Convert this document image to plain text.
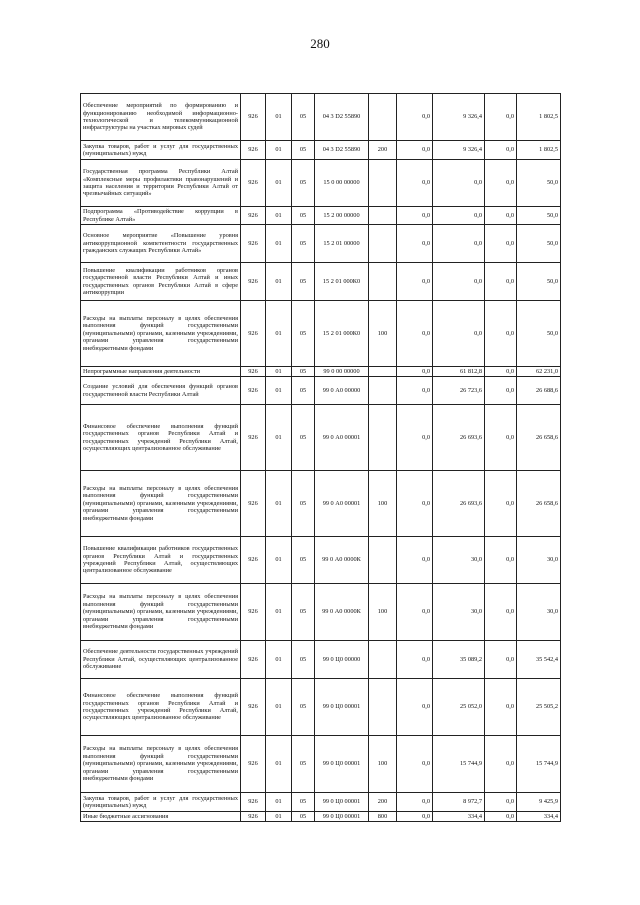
280
Обеспечение мероприятий по формированию и функционированию необходимой информационно-технологической и телекоммуникационной инфраструктуры на участках мировых судей	926	01	05	04 3 D2 55890		0,0	9 326,4	0,0	1 802,5
Закупка товаров, работ и услуг для государственных (муниципальных) нужд	926	01	05	04 3 D2 55890	200	0,0	9 326,4	0,0	1 802,5
Государственная программа Республики Алтай «Комплексные меры профилактики правонарушений и защита населения и территории Республики Алтай от чрезвычайных ситуаций»	926	01	05	15 0 00 00000		0,0	0,0	0,0	50,0
Подпрограмма «Противодействие коррупции в Республике Алтай»	926	01	05	15 2 00 00000		0,0	0,0	0,0	50,0
Основное мероприятие «Повышение уровня антикоррупционной компетентности государственных гражданских служащих Республики Алтай»	926	01	05	15 2 01 00000		0,0	0,0	0,0	50,0
Повышение квалификации работников органов государственной власти Республики Алтай и иных государственных органов Республики Алтай в сфере антикоррупции	926	01	05	15 2 01 000К0		0,0	0,0	0,0	50,0
Расходы на выплаты персоналу в целях обеспечения выполнения функций государственными (муниципальными) органами, казенными учреждениями, органами управления государственными внебюджетными фондами	926	01	05	15 2 01 000К0	100	0,0	0,0	0,0	50,0
Непрограммные направления деятельности	926	01	05	99 0 00 00000		0,0	61 812,8	0,0	62 231,0
Создание условий для обеспечения функций органов государственной власти Республики Алтай	926	01	05	99 0 А0 00000		0,0	26 723,6	0,0	26 688,6
Финансовое обеспечение выполнения функций государственных органов Республики Алтай и государственных учреждений Республики Алтай, осуществляющих централизованное обслуживание	926	01	05	99 0 А0 00001		0,0	26 693,6	0,0	26 658,6
Расходы на выплаты персоналу в целях обеспечения выполнения функций государственными (муниципальными) органами, казенными учреждениями, органами управления государственными внебюджетными фондами	926	01	05	99 0 А0 00001	100	0,0	26 693,6	0,0	26 658,6
Повышение квалификации работников государственных органов Республики Алтай и государственных учреждений Республики Алтай, осуществляющих централизованное обслуживание	926	01	05	99 0 А0 0000К		0,0	30,0	0,0	30,0
Расходы на выплаты персоналу в целях обеспечения выполнения функций государственными (муниципальными) органами, казенными учреждениями, органами управления государственными внебюджетными фондами	926	01	05	99 0 А0 0000К	100	0,0	30,0	0,0	30,0
Обеспечение деятельности государственных учреждений Республики Алтай, осуществляющих централизованное обслуживание	926	01	05	99 0 Ц0 00000		0,0	35 089,2	0,0	35 542,4
Финансовое обеспечение выполнения функций государственных органов Республики Алтай и государственных учреждений Республики Алтай, осуществляющих централизованное обслуживание	926	01	05	99 0 Ц0 00001		0,0	25 052,0	0,0	25 505,2
Расходы на выплаты персоналу в целях обеспечения выполнения функций государственными (муниципальными) органами, казенными учреждениями, органами управления государственными внебюджетными фондами	926	01	05	99 0 Ц0 00001	100	0,0	15 744,9	0,0	15 744,9
Закупка товаров, работ и услуг для государственных (муниципальных) нужд	926	01	05	99 0 Ц0 00001	200	0,0	8 972,7	0,0	9 425,9
Иные бюджетные ассигнования	926	01	05	99 0 Ц0 00001	800	0,0	334,4	0,0	334,4
